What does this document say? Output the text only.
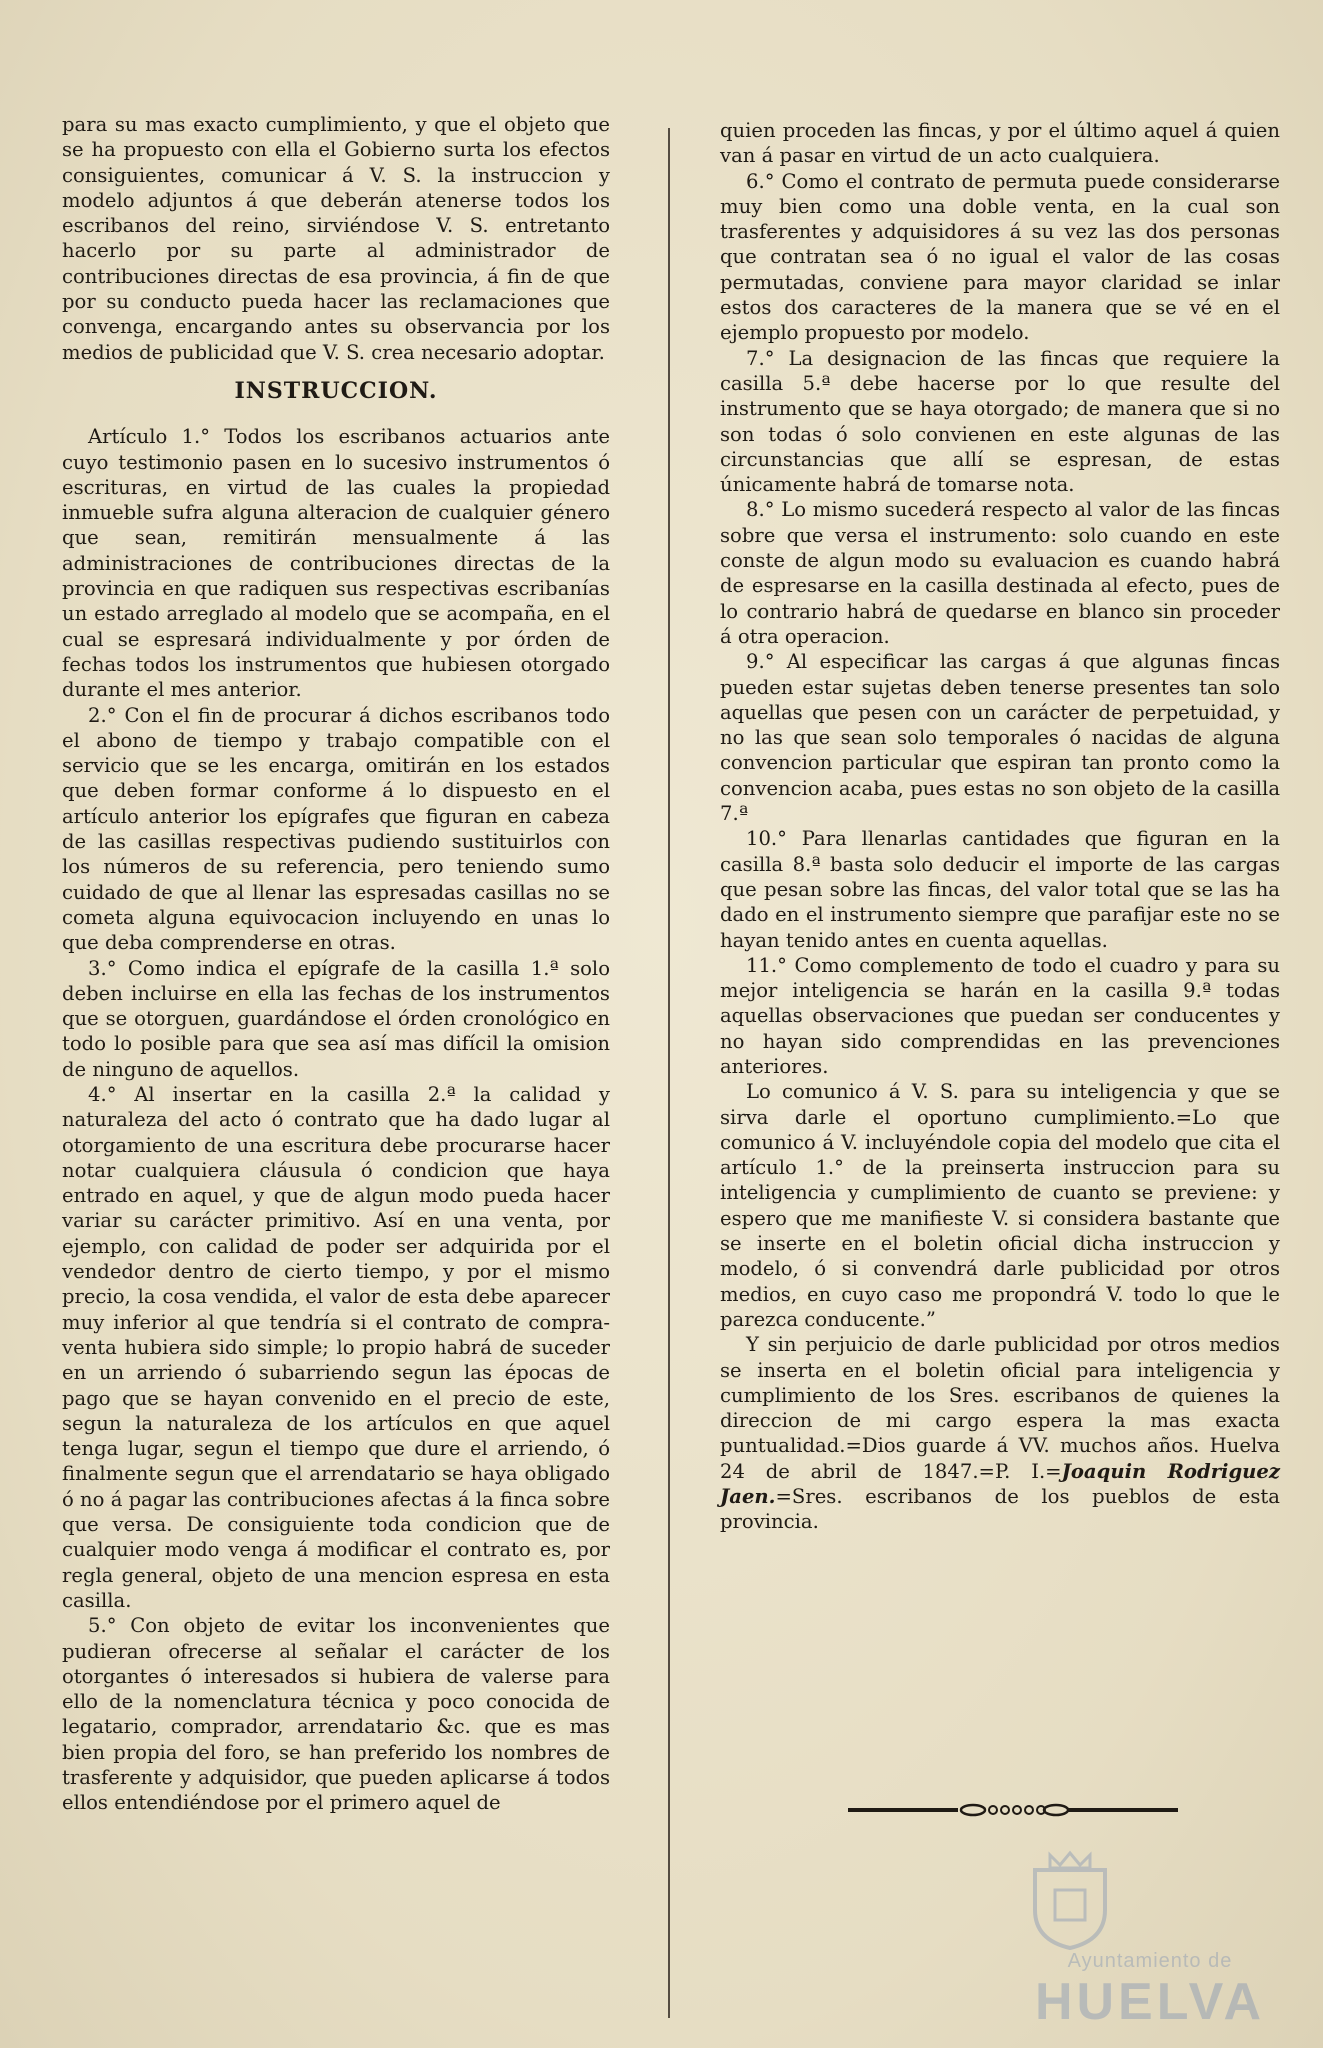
para su mas exacto cumplimiento, y que el objeto que se ha propuesto con ella el Gobierno surta los efectos consiguientes, comunicar á V. S. la instruccion y modelo adjuntos á que deberán atenerse todos los escribanos del reino, sirviéndose V. S. entretanto hacerlo por su parte al administrador de contribuciones directas de esa provincia, á fin de que por su conducto pueda hacer las reclamaciones que convenga, encargando antes su observancia por los medios de publicidad que V. S. crea necesario adoptar.

INSTRUCCION.

Artículo 1.° Todos los escribanos actuarios ante cuyo testimonio pasen en lo sucesivo instrumentos ó escrituras, en virtud de las cuales la propiedad inmueble sufra alguna alteracion de cualquier género que sean, remitirán mensualmente á las administraciones de contribuciones directas de la provincia en que radiquen sus respectivas escribanías un estado arreglado al modelo que se acompaña, en el cual se espresará individualmente y por órden de fechas todos los instrumentos que hubiesen otorgado durante el mes anterior.

2.° Con el fin de procurar á dichos escribanos todo el abono de tiempo y trabajo compatible con el servicio que se les encarga, omitirán en los estados que deben formar conforme á lo dispuesto en el artículo anterior los epígrafes que figuran en cabeza de las casillas respectivas pudiendo sustituirlos con los números de su referencia, pero teniendo sumo cuidado de que al llenar las espresadas casillas no se cometa alguna equivocacion incluyendo en unas lo que deba comprenderse en otras.

3.° Como indica el epígrafe de la casilla 1.ª solo deben incluirse en ella las fechas de los instrumentos que se otorguen, guardándose el órden cronológico en todo lo posible para que sea así mas difícil la omision de ninguno de aquellos.

4.° Al insertar en la casilla 2.ª la calidad y naturaleza del acto ó contrato que ha dado lugar al otorgamiento de una escritura debe procurarse hacer notar cualquiera cláusula ó condicion que haya entrado en aquel, y que de algun modo pueda hacer variar su carácter primitivo. Así en una venta, por ejemplo, con calidad de poder ser adquirida por el vendedor dentro de cierto tiempo, y por el mismo precio, la cosa vendida, el valor de esta debe aparecer muy inferior al que tendría si el contrato de compra-venta hubiera sido simple; lo propio habrá de suceder en un arriendo ó subarriendo segun las épocas de pago que se hayan convenido en el precio de este, segun la naturaleza de los artículos en que aquel tenga lugar, segun el tiempo que dure el arriendo, ó finalmente segun que el arrendatario se haya obligado ó no á pagar las contribuciones afectas á la finca sobre que versa. De consiguiente toda condicion que de cualquier modo venga á modificar el contrato es, por regla general, objeto de una mencion espresa en esta casilla.

5.° Con objeto de evitar los inconvenientes que pudieran ofrecerse al señalar el carácter de los otorgantes ó interesados si hubiera de valerse para ello de la nomenclatura técnica y poco conocida de legatario, comprador, arrendatario &c. que es mas bien propia del foro, se han preferido los nombres de trasferente y adquisidor, que pueden aplicarse á todos ellos entendiéndose por el primero aquel de

quien proceden las fincas, y por el último aquel á quien van á pasar en virtud de un acto cualquiera.

6.° Como el contrato de permuta puede considerarse muy bien como una doble venta, en la cual son trasferentes y adquisidores á su vez las dos personas que contratan sea ó no igual el valor de las cosas permutadas, conviene para mayor claridad se inlar estos dos caracteres de la manera que se vé en el ejemplo propuesto por modelo.

7.° La designacion de las fincas que requiere la casilla 5.ª debe hacerse por lo que resulte del instrumento que se haya otorgado; de manera que si no son todas ó solo convienen en este algunas de las circunstancias que allí se espresan, de estas únicamente habrá de tomarse nota.

8.° Lo mismo sucederá respecto al valor de las fincas sobre que versa el instrumento: solo cuando en este conste de algun modo su evaluacion es cuando habrá de espresarse en la casilla destinada al efecto, pues de lo contrario habrá de quedarse en blanco sin proceder á otra operacion.

9.° Al especificar las cargas á que algunas fincas pueden estar sujetas deben tenerse presentes tan solo aquellas que pesen con un carácter de perpetuidad, y no las que sean solo temporales ó nacidas de alguna convencion particular que espiran tan pronto como la convencion acaba, pues estas no son objeto de la casilla 7.ª

10.° Para llenarlas cantidades que figuran en la casilla 8.ª basta solo deducir el importe de las cargas que pesan sobre las fincas, del valor total que se las ha dado en el instrumento siempre que parafijar este no se hayan tenido antes en cuenta aquellas.

11.° Como complemento de todo el cuadro y para su mejor inteligencia se harán en la casilla 9.ª todas aquellas observaciones que puedan ser conducentes y no hayan sido comprendidas en las prevenciones anteriores.

Lo comunico á V. S. para su inteligencia y que se sirva darle el oportuno cumplimiento.=Lo que comunico á V. incluyéndole copia del modelo que cita el artículo 1.° de la preinserta instruccion para su inteligencia y cumplimiento de cuanto se previene: y espero que me manifieste V. si considera bastante que se inserte en el boletin oficial dicha instruccion y modelo, ó si convendrá darle publicidad por otros medios, en cuyo caso me propondrá V. todo lo que le parezca conducente.”

Y sin perjuicio de darle publicidad por otros medios se inserta en el boletin oficial para inteligencia y cumplimiento de los Sres. escribanos de quienes la direccion de mi cargo espera la mas exacta puntualidad.=Dios guarde á VV. muchos años. Huelva 24 de abril de 1847.=P. I.=Joaquin Rodriguez Jaen.=Sres. escribanos de los pueblos de esta provincia.

Ayuntamiento de
HUELVA
